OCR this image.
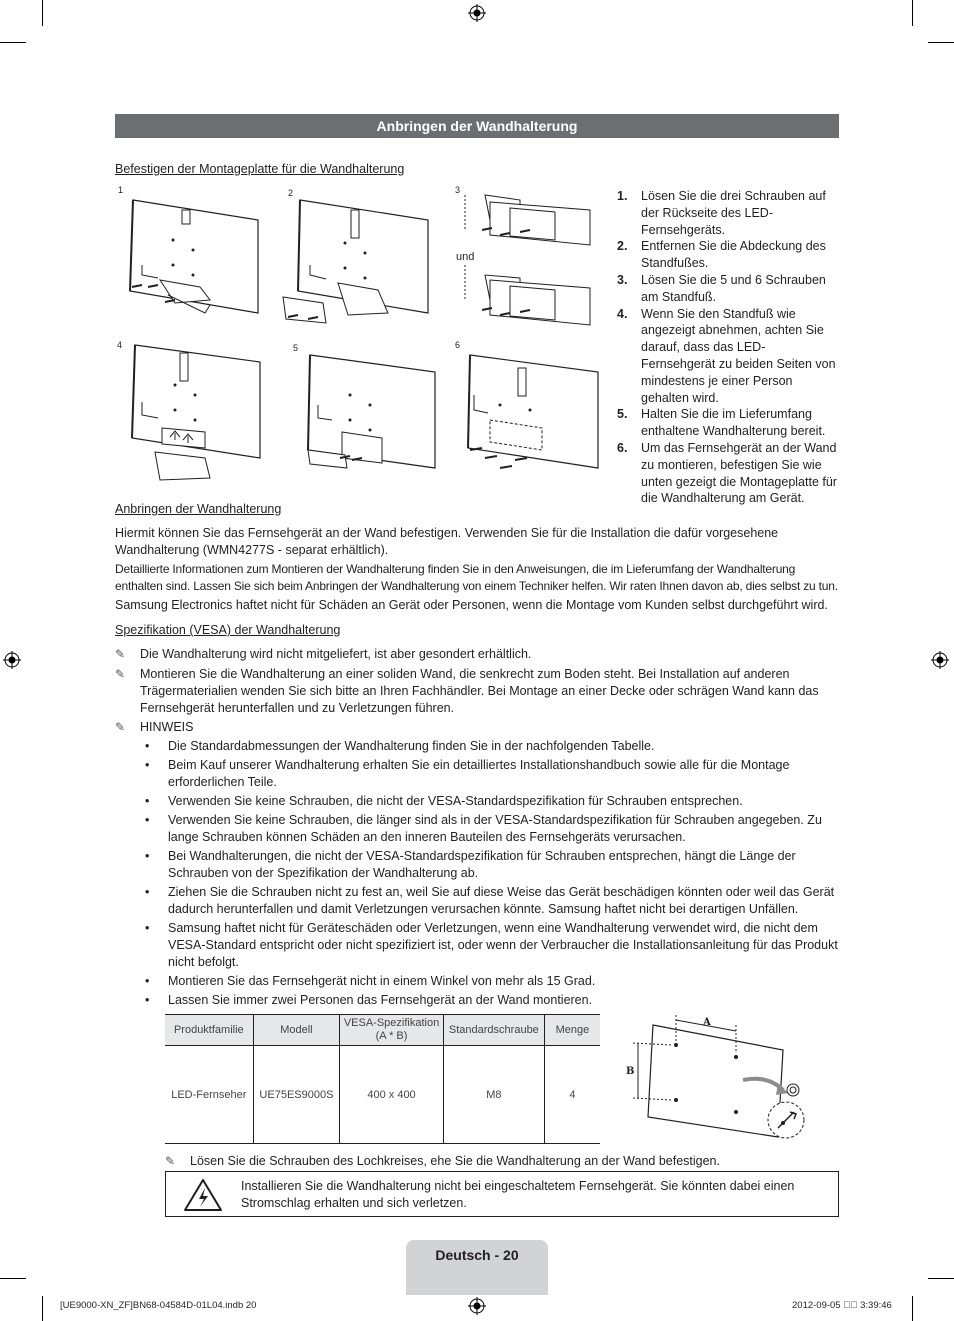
Anbringen der Wandhalterung
Befestigen der Montageplatte für die Wandhalterung
1	2	3
4	5	6
und
1.	Lösen Sie die drei Schrauben auf der Rückseite des LED-Fernsehgeräts.
2.	Entfernen Sie die Abdeckung des Standfußes.
3.	Lösen Sie die 5 und 6 Schrauben am Standfuß.
4.	Wenn Sie den Standfuß wie angezeigt abnehmen, achten Sie darauf, dass das LED-Fernsehgerät zu beiden Seiten von mindestens je einer Person gehalten wird.
5.	Halten Sie die im Lieferumfang enthaltene Wandhalterung bereit.
6.	Um das Fernsehgerät an der Wand zu montieren, befestigen Sie wie unten gezeigt die Montageplatte für die Wandhalterung am Gerät.
Anbringen der Wandhalterung
Hiermit können Sie das Fernsehgerät an der Wand befestigen. Verwenden Sie für die Installation die dafür vorgesehene Wandhalterung (WMN4277S - separat erhältlich).
Detaillierte Informationen zum Montieren der Wandhalterung finden Sie in den Anweisungen, die im Lieferumfang der Wandhalterung enthalten sind. Lassen Sie sich beim Anbringen der Wandhalterung von einem Techniker helfen. Wir raten Ihnen davon ab, dies selbst zu tun.
Samsung Electronics haftet nicht für Schäden an Gerät oder Personen, wenn die Montage vom Kunden selbst durchgeführt wird.
Spezifikation (VESA) der Wandhalterung
✎	Die Wandhalterung wird nicht mitgeliefert, ist aber gesondert erhältlich.
✎	Montieren Sie die Wandhalterung an einer soliden Wand, die senkrecht zum Boden steht. Bei Installation auf anderen Trägermaterialien wenden Sie sich bitte an Ihren Fachhändler. Bei Montage an einer Decke oder schrägen Wand kann das Fernsehgerät herunterfallen und zu Verletzungen führen.
✎	HINWEIS
•	Die Standardabmessungen der Wandhalterung finden Sie in der nachfolgenden Tabelle.
•	Beim Kauf unserer Wandhalterung erhalten Sie ein detailliertes Installationshandbuch sowie alle für die Montage erforderlichen Teile.
•	Verwenden Sie keine Schrauben, die nicht der VESA-Standardspezifikation für Schrauben entsprechen.
•	Verwenden Sie keine Schrauben, die länger sind als in der VESA-Standardspezifikation für Schrauben angegeben. Zu lange Schrauben können Schäden an den inneren Bauteilen des Fernsehgeräts verursachen.
•	Bei Wandhalterungen, die nicht der VESA-Standardspezifikation für Schrauben entsprechen, hängt die Länge der Schrauben von der Spezifikation der Wandhalterung ab.
•	Ziehen Sie die Schrauben nicht zu fest an, weil Sie auf diese Weise das Gerät beschädigen könnten oder weil das Gerät dadurch herunterfallen und damit Verletzungen verursachen könnte. Samsung haftet nicht bei derartigen Unfällen.
•	Samsung haftet nicht für Geräteschäden oder Verletzungen, wenn eine Wandhalterung verwendet wird, die nicht dem VESA-Standard entspricht oder nicht spezifiziert ist, oder wenn der Verbraucher die Installationsanleitung für das Produkt nicht befolgt.
•	Montieren Sie das Fernsehgerät nicht in einem Winkel von mehr als 15 Grad.
•	Lassen Sie immer zwei Personen das Fernsehgerät an der Wand montieren.
Produktfamilie	Modell	VESA-Spezifikation (A * B)	Standardschraube	Menge
LED-Fernseher	UE75ES9000S	400 x 400	M8	4
A
B
✎	Lösen Sie die Schrauben des Lochkreises, ehe Sie die Wandhalterung an der Wand befestigen.
Installieren Sie die Wandhalterung nicht bei eingeschaltetem Fernsehgerät. Sie könnten dabei einen Stromschlag erhalten und sich verletzen.
Deutsch - 20
[UE9000-XN_ZF]BN68-04584D-01L04.indb 20	2012-09-05 ￿￿ 3:39:46
